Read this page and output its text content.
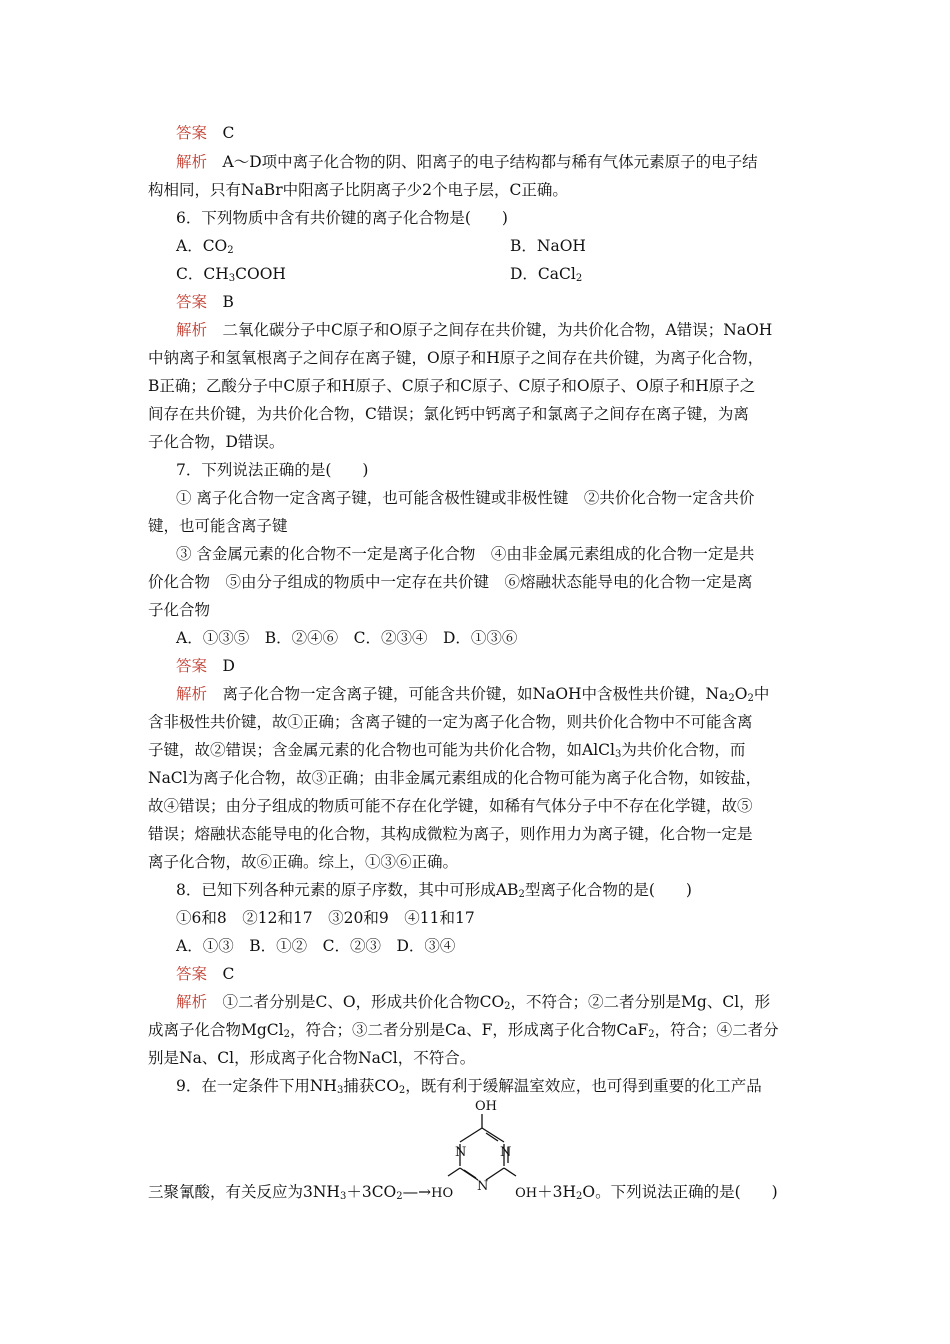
答案　 C
解析　 A～D项中离子化合物的阴、阳离子的电子结构都与稀有气体元素原子的电子结
构相同，只有NaBr中阳离子比阴离子少2个电子层，C正确。
6．下列物质中含有共价键的离子化合物是(　　)
A．$CO_2$	B．NaOH
C．$CH_3COOH$	D．CaCl$_2$
答案　 B
解析　 二氧化碳分子中C原子和O原子之间存在共价键，为共价化合物，A错误；NaOH
中钠离子和氢氧根离子之间存在离子键，O原子和H原子之间存在共价键，为离子化合物，
B正确；乙酸分子中C原子和H原子、C原子和C原子、C原子和O原子、O原子和H原子之
间存在共价键，为共价化合物，C错误；氯化钙中钙离子和氯离子之间存在离子键，为离
子化合物，D错误。
7．下列说法正确的是(　　)
① 离子化合物一定含离子键，也可能含极性键或非极性键　②共价化合物一定含共价
键，也可能含离子键
③ 含金属元素的化合物不一定是离子化合物　④由非金属元素组成的化合物一定是共
价化合物　⑤由分子组成的物质中一定存在共价键　⑥熔融状态能导电的化合物一定是离
子化合物
A．①③⑤　B．②④⑥　C．②③④　D．①③⑥
答案　 D
解析　 离子化合物一定含离子键，可能含共价键，如NaOH中含极性共价键，$Na_2O_2$中
含非极性共价键，故①正确；含离子键的一定为离子化合物，则共价化合物中不可能含离
子键，故②错误；含金属元素的化合物也可能为共价化合物，如AlCl$_3$为共价化合物，而
NaCl为离子化合物，故③正确；由非金属元素组成的化合物可能为离子化合物，如铵盐，
故④错误；由分子组成的物质可能不存在化学键，如稀有气体分子中不存在化学键，故⑤
错误；熔融状态能导电的化合物，其构成微粒为离子，则作用力为离子键，化合物一定是
离子化合物，故⑥正确。综上，①③⑥正确。
8．已知下列各种元素的原子序数，其中可形成$AB_2$型离子化合物的是(　　)
①6和8　②12和17　③20和9　④11和17
A．①③　B．①②　C．②③　D．③④
答案　 C
解析　 ①二者分别是C、O，形成共价化合物$CO_2$，不符合；②二者分别是Mg、Cl，形
成离子化合物MgCl$_2$，符合；③二者分别是Ca、F，形成离子化合物CaF$_2$，符合；④二者分
别是Na、Cl，形成离子化合物NaCl，不符合。
9．在一定条件下用$NH_3$捕获$CO_2$，既有利于缓解温室效应，也可得到重要的化工产品
OH
N	N
N
三聚氰酸，有关反应为$3NH_3+3CO_2—\to HO$	$OH+3H_2O$。下列说法正确的是(　　)
